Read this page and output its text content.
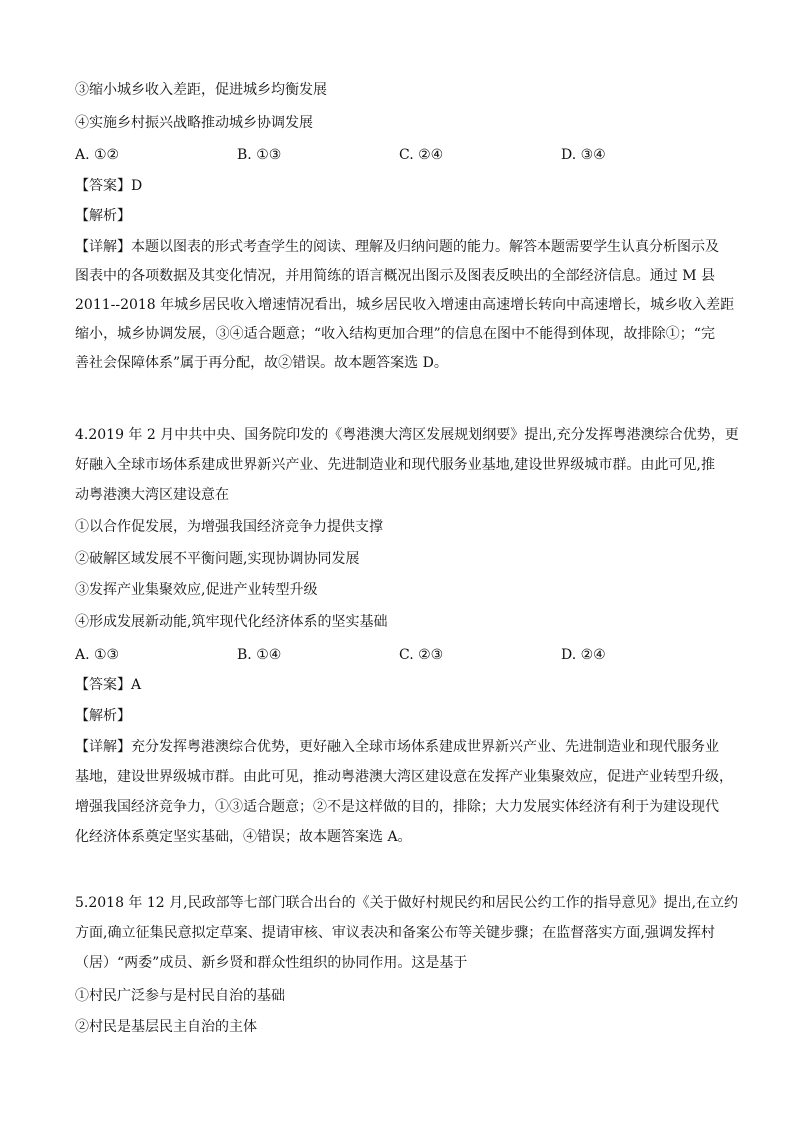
③缩小城乡收入差距，促进城乡均衡发展
④实施乡村振兴战略推动城乡协调发展
A. ①②	B. ①③	C. ②④	D. ③④
【答案】D
【解析】
【详解】本题以图表的形式考查学生的阅读、理解及归纳问题的能力。解答本题需要学生认真分析图示及
图表中的各项数据及其变化情况，并用简练的语言概况出图示及图表反映出的全部经济信息。通过 M 县
2011--2018 年城乡居民收入增速情况看出，城乡居民收入增速由高速增长转向中高速增长，城乡收入差距
缩小，城乡协调发展，③④适合题意；“收入结构更加合理”的信息在图中不能得到体现，故排除①；“完
善社会保障体系”属于再分配，故②错误。故本题答案选 D。
4.2019 年 2 月中共中央、国务院印发的《粤港澳大湾区发展规划纲要》提出,充分发挥粤港澳综合优势，更
好融入全球市场体系建成世界新兴产业、先进制造业和现代服务业基地,建设世界级城市群。由此可见,推
动粤港澳大湾区建设意在
①以合作促发展，为增强我国经济竞争力提供支撑
②破解区域发展不平衡问题,实现协调协同发展
③发挥产业集聚效应,促进产业转型升级
④形成发展新动能,筑牢现代化经济体系的坚实基础
A. ①③	B. ①④	C. ②③	D. ②④
【答案】A
【解析】
【详解】充分发挥粤港澳综合优势，更好融入全球市场体系建成世界新兴产业、先进制造业和现代服务业
基地，建设世界级城市群。由此可见，推动粤港澳大湾区建设意在发挥产业集聚效应，促进产业转型升级，
增强我国经济竞争力，①③适合题意；②不是这样做的目的，排除；大力发展实体经济有利于为建设现代
化经济体系奠定坚实基础，④错误；故本题答案选 A。
5.2018 年 12 月,民政部等七部门联合出台的《关于做好村规民约和居民公约工作的指导意见》提出,在立约
方面,确立征集民意拟定草案、提请审核、审议表决和备案公布等关键步骤；在监督落实方面,强调发挥村
（居）“两委”成员、新乡贤和群众性组织的协同作用。这是基于
①村民广泛参与是村民自治的基础
②村民是基层民主自治的主体
